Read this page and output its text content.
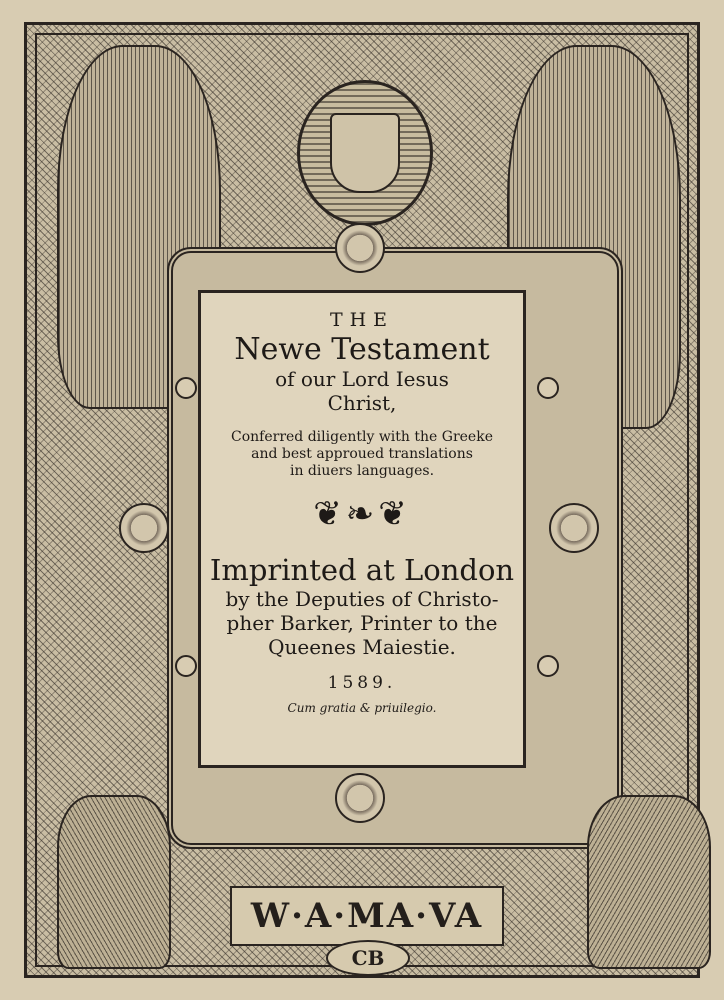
THE
Newe Testament
of our Lord Iesus
Christ,
Conferred diligently with the Greeke
and best approued translations
in diuers languages.
❦❧❦
Imprinted at London
by the Deputies of Christo-
pher Barker, Printer to the
Queenes Maiestie.
1589.
Cum gratia & priuilegio.
W·A·MA·VA
CB
